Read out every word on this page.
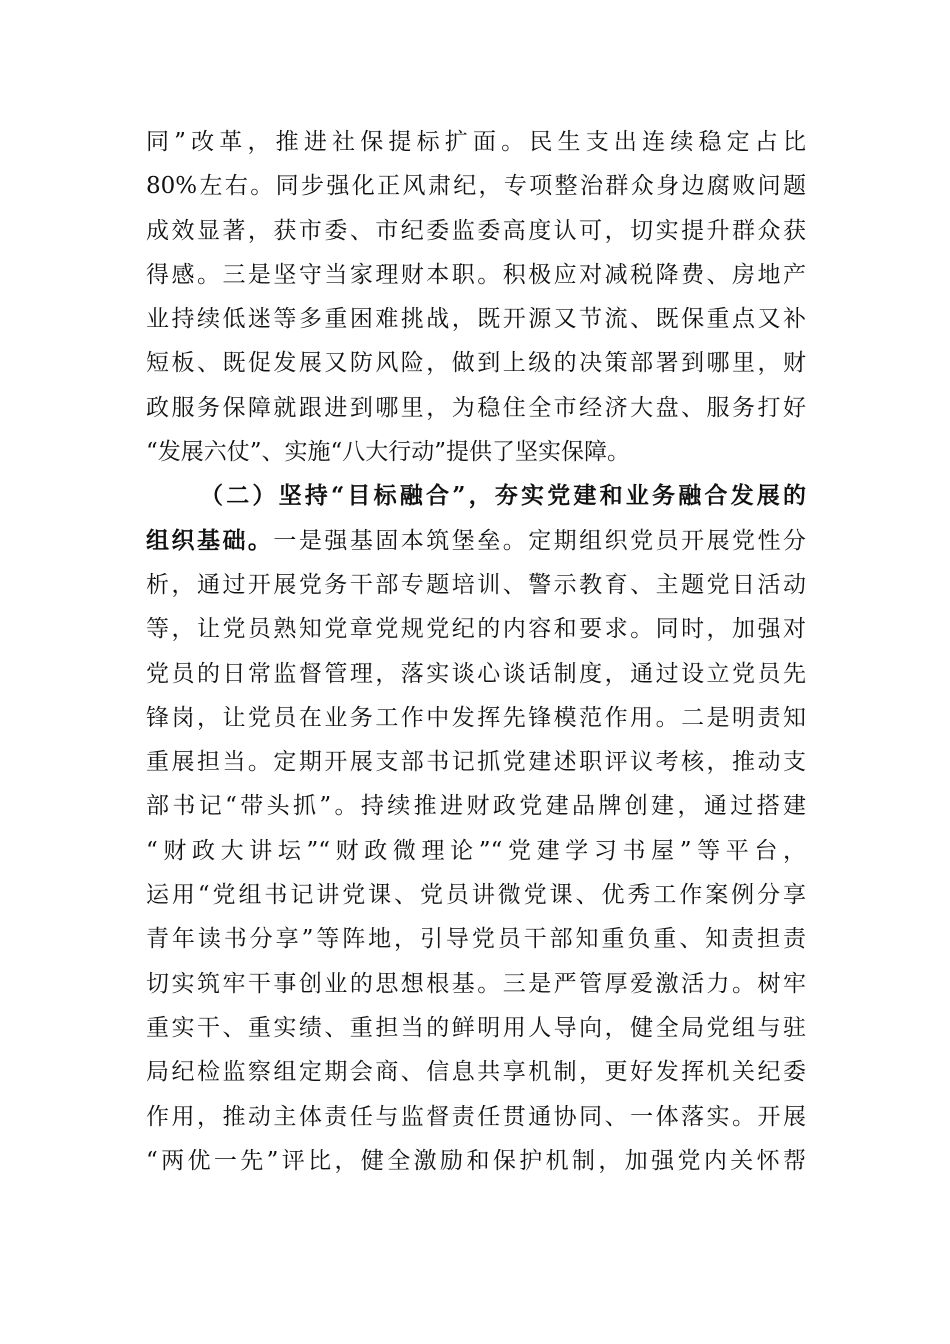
同”改革，推进社保提标扩面。民生支出连续稳定占比
80%左右。同步强化正风肃纪，专项整治群众身边腐败问题
成效显著，获市委、市纪委监委高度认可，切实提升群众获
得感。三是坚守当家理财本职。积极应对减税降费、房地产
业持续低迷等多重困难挑战，既开源又节流、既保重点又补
短板、既促发展又防风险，做到上级的决策部署到哪里，财
政服务保障就跟进到哪里，为稳住全市经济大盘、服务打好
“发展六仗”、实施“八大行动”提供了坚实保障。
（二）坚持“目标融合”，夯实党建和业务融合发展的
组织基础。一是强基固本筑堡垒。定期组织党员开展党性分
析，通过开展党务干部专题培训、警示教育、主题党日活动
等，让党员熟知党章党规党纪的内容和要求。同时，加强对
党员的日常监督管理，落实谈心谈话制度，通过设立党员先
锋岗，让党员在业务工作中发挥先锋模范作用。二是明责知
重展担当。定期开展支部书记抓党建述职评议考核，推动支
部书记“带头抓”。持续推进财政党建品牌创建，通过搭建
“财政大讲坛”“财政微理论”“党建学习书屋”等平台，
运用“党组书记讲党课、党员讲微党课、优秀工作案例分享
青年读书分享”等阵地，引导党员干部知重负重、知责担责
切实筑牢干事创业的思想根基。三是严管厚爱激活力。树牢
重实干、重实绩、重担当的鲜明用人导向，健全局党组与驻
局纪检监察组定期会商、信息共享机制，更好发挥机关纪委
作用，推动主体责任与监督责任贯通协同、一体落实。开展
“两优一先”评比，健全激励和保护机制，加强党内关怀帮
